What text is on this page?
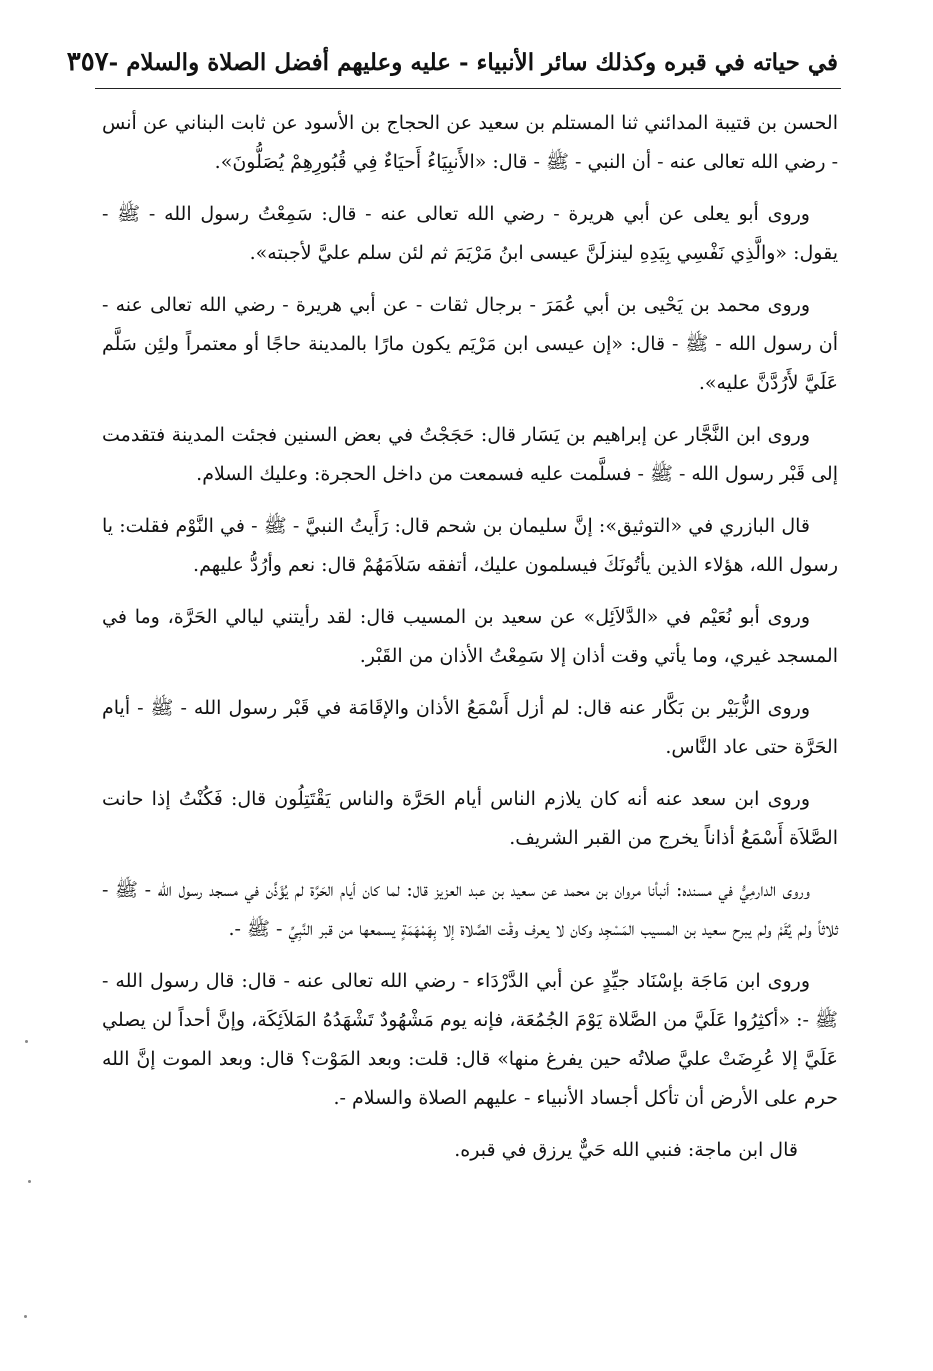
في حياته في قبره وكذلك سائر الأنبياء - عليه وعليهم أفضل الصلاة والسلام -
٣٥٧

الحسن بن قتيبة المدائني ثنا المستلم بن سعيد عن الحجاج بن الأسود عن ثابت البناني عن أنس - رضي الله تعالى عنه - أن النبي - ﷺ - قال: «الأَنبِيَاءُ أَحيَاءٌ فِي قُبُورِهِمْ يُصَلُّونَ».

وروى أبو يعلى عن أبي هريرة - رضي الله تعالى عنه - قال: سَمِعْتُ رسول الله - ﷺ - يقول: «والَّذِي نَفْسِي بِيَدِهِ لينزلَنَّ عيسى ابنُ مَرْيَمَ ثم لئن سلم عليَّ لأجبته».

وروى محمد بن يَحْيى بن أبي عُمَرَ - برجال ثقات - عن أبي هريرة - رضي الله تعالى عنه - أن رسول الله - ﷺ - قال: «إن عيسى ابن مَرْيَم يكون مارًا بالمدينة حاجًا أو معتمراً ولئِن سَلَّم عَلَيَّ لأَرُدَّنَّ عليه».

وروى ابن النَّجَّار عن إبراهيم بن يَسَار قال: حَجَجْتُ في بعض السنين فجئت المدينة فتقدمت إلى قَبْر رسول الله - ﷺ - فسلَّمت عليه فسمعت من داخل الحجرة: وعليك السلام.

قال البازري في «التوثيق»: إنَّ سليمان بن شحم قال: رَأَيتُ النبيَّ - ﷺ - في النَّوْم فقلت: يا رسول الله، هؤلاء الذين يأتُونَكَ فيسلمون عليك، أتفقه سَلاَمَهُمْ قال: نعم وأرُدُّ عليهم.

وروى أبو نُعَيْم في «الدَّلاَئِل» عن سعيد بن المسيب قال: لقد رأيتني ليالي الحَرَّة، وما في المسجد غيري، وما يأتي وقت أذان إلا سَمِعْتُ الأذان من القَبْر.

وروى الزُّبَيْر بن بَكَّار عنه قال: لم أزل أَسْمَعُ الأذان والإقَامَة في قَبْر رسول الله - ﷺ - أيام الحَرَّة حتى عاد النَّاس.

وروى ابن سعد عنه أنه كان يلازم الناس أيام الحَرَّة والناس يَقْتَتِلُون قال: فَكُنْتُ إذا حانت الصَّلاَة أَسْمَعُ أذاناً يخرج من القبر الشريف.

وروى الدارمِيُّ في مسنده: أنبأنا مروان بن محمد عن سعيد بن عبد العزيز قال: لما كان أيام الحَرَّة لم يُؤَذَّن في مسجد رسول الله - ﷺ - ثلاثاً ولم يُقَمْ ولم يبرح سعيد بن المسيب المَسْجِد وكان لا يعرف وقْت الصَّلاة إلا بِهَمْهَمَةٍ يسمعها من قبر النَّبِيِّ - ﷺ -.

وروى ابن مَاجَة بإسْنَاد جيِّدٍ عن أبي الدَّرْدَاء - رضي الله تعالى عنه - قال: قال رسول الله - ﷺ -: «أكثِرُوا عَلَيَّ من الصَّلاة يَوْمَ الجُمُعَة، فإنه يوم مَشْهُودٌ تَشْهَدُهُ المَلاَئِكَة، وإنَّ أحداً لن يصلي عَلَيَّ إلا عُرِضَتْ عليَّ صلاتُه حين يفرغ منها» قال: قلت: وبعد المَوْت؟ قال: وبعد الموت إنَّ الله حرم على الأرض أن تأكل أجساد الأنبياء - عليهم الصلاة والسلام -.

قال ابن ماجة: فنبي الله حَيٌّ يرزق في قبره.
